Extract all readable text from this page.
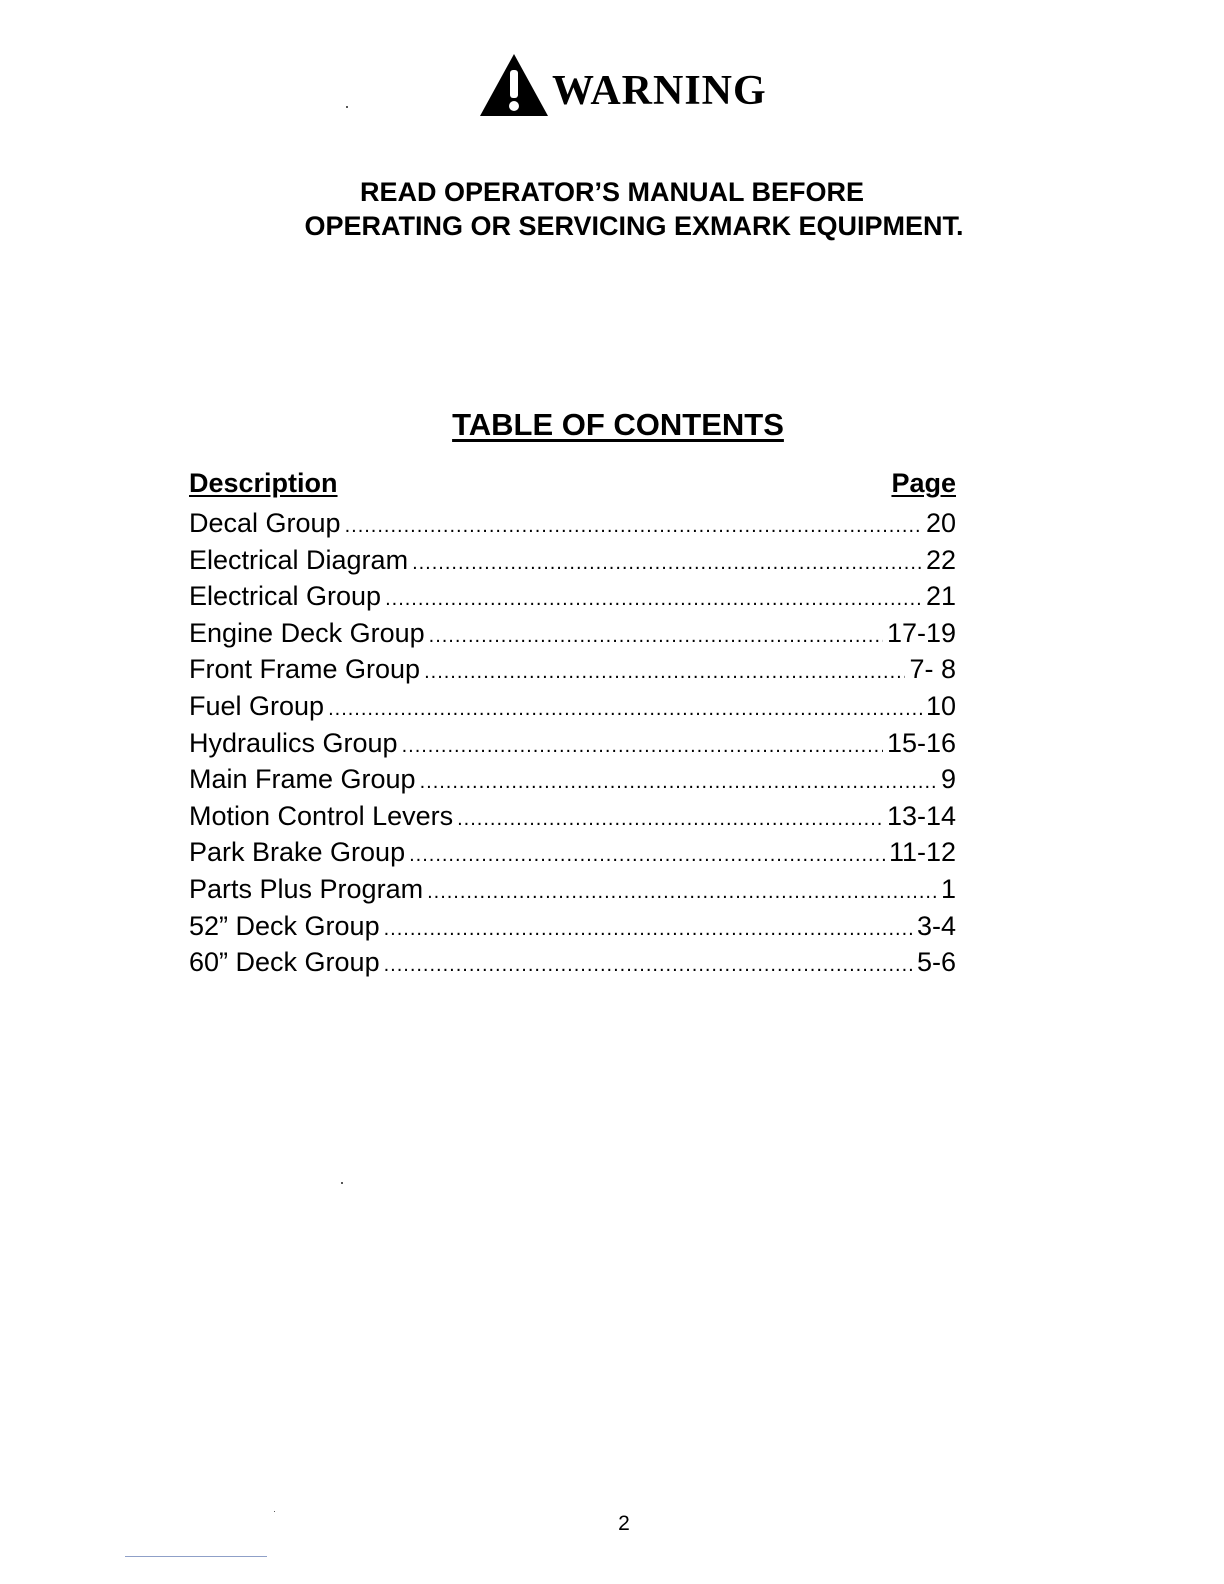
WARNING
READ OPERATOR’S MANUAL BEFORE
OPERATING OR SERVICING EXMARK EQUIPMENT.
TABLE OF CONTENTS
Description	Page
Decal Group .....	20
Electrical Diagram .....	22
Electrical Group .....	21
Engine Deck Group .....	17-19
Front Frame Group .....	7- 8
Fuel Group .....	10
Hydraulics Group .....	15-16
Main Frame Group .....	9
Motion Control Levers .....	13-14
Park Brake Group .....	11-12
Parts Plus Program .....	1
52” Deck Group .....	3-4
60” Deck Group .....	5-6
2
